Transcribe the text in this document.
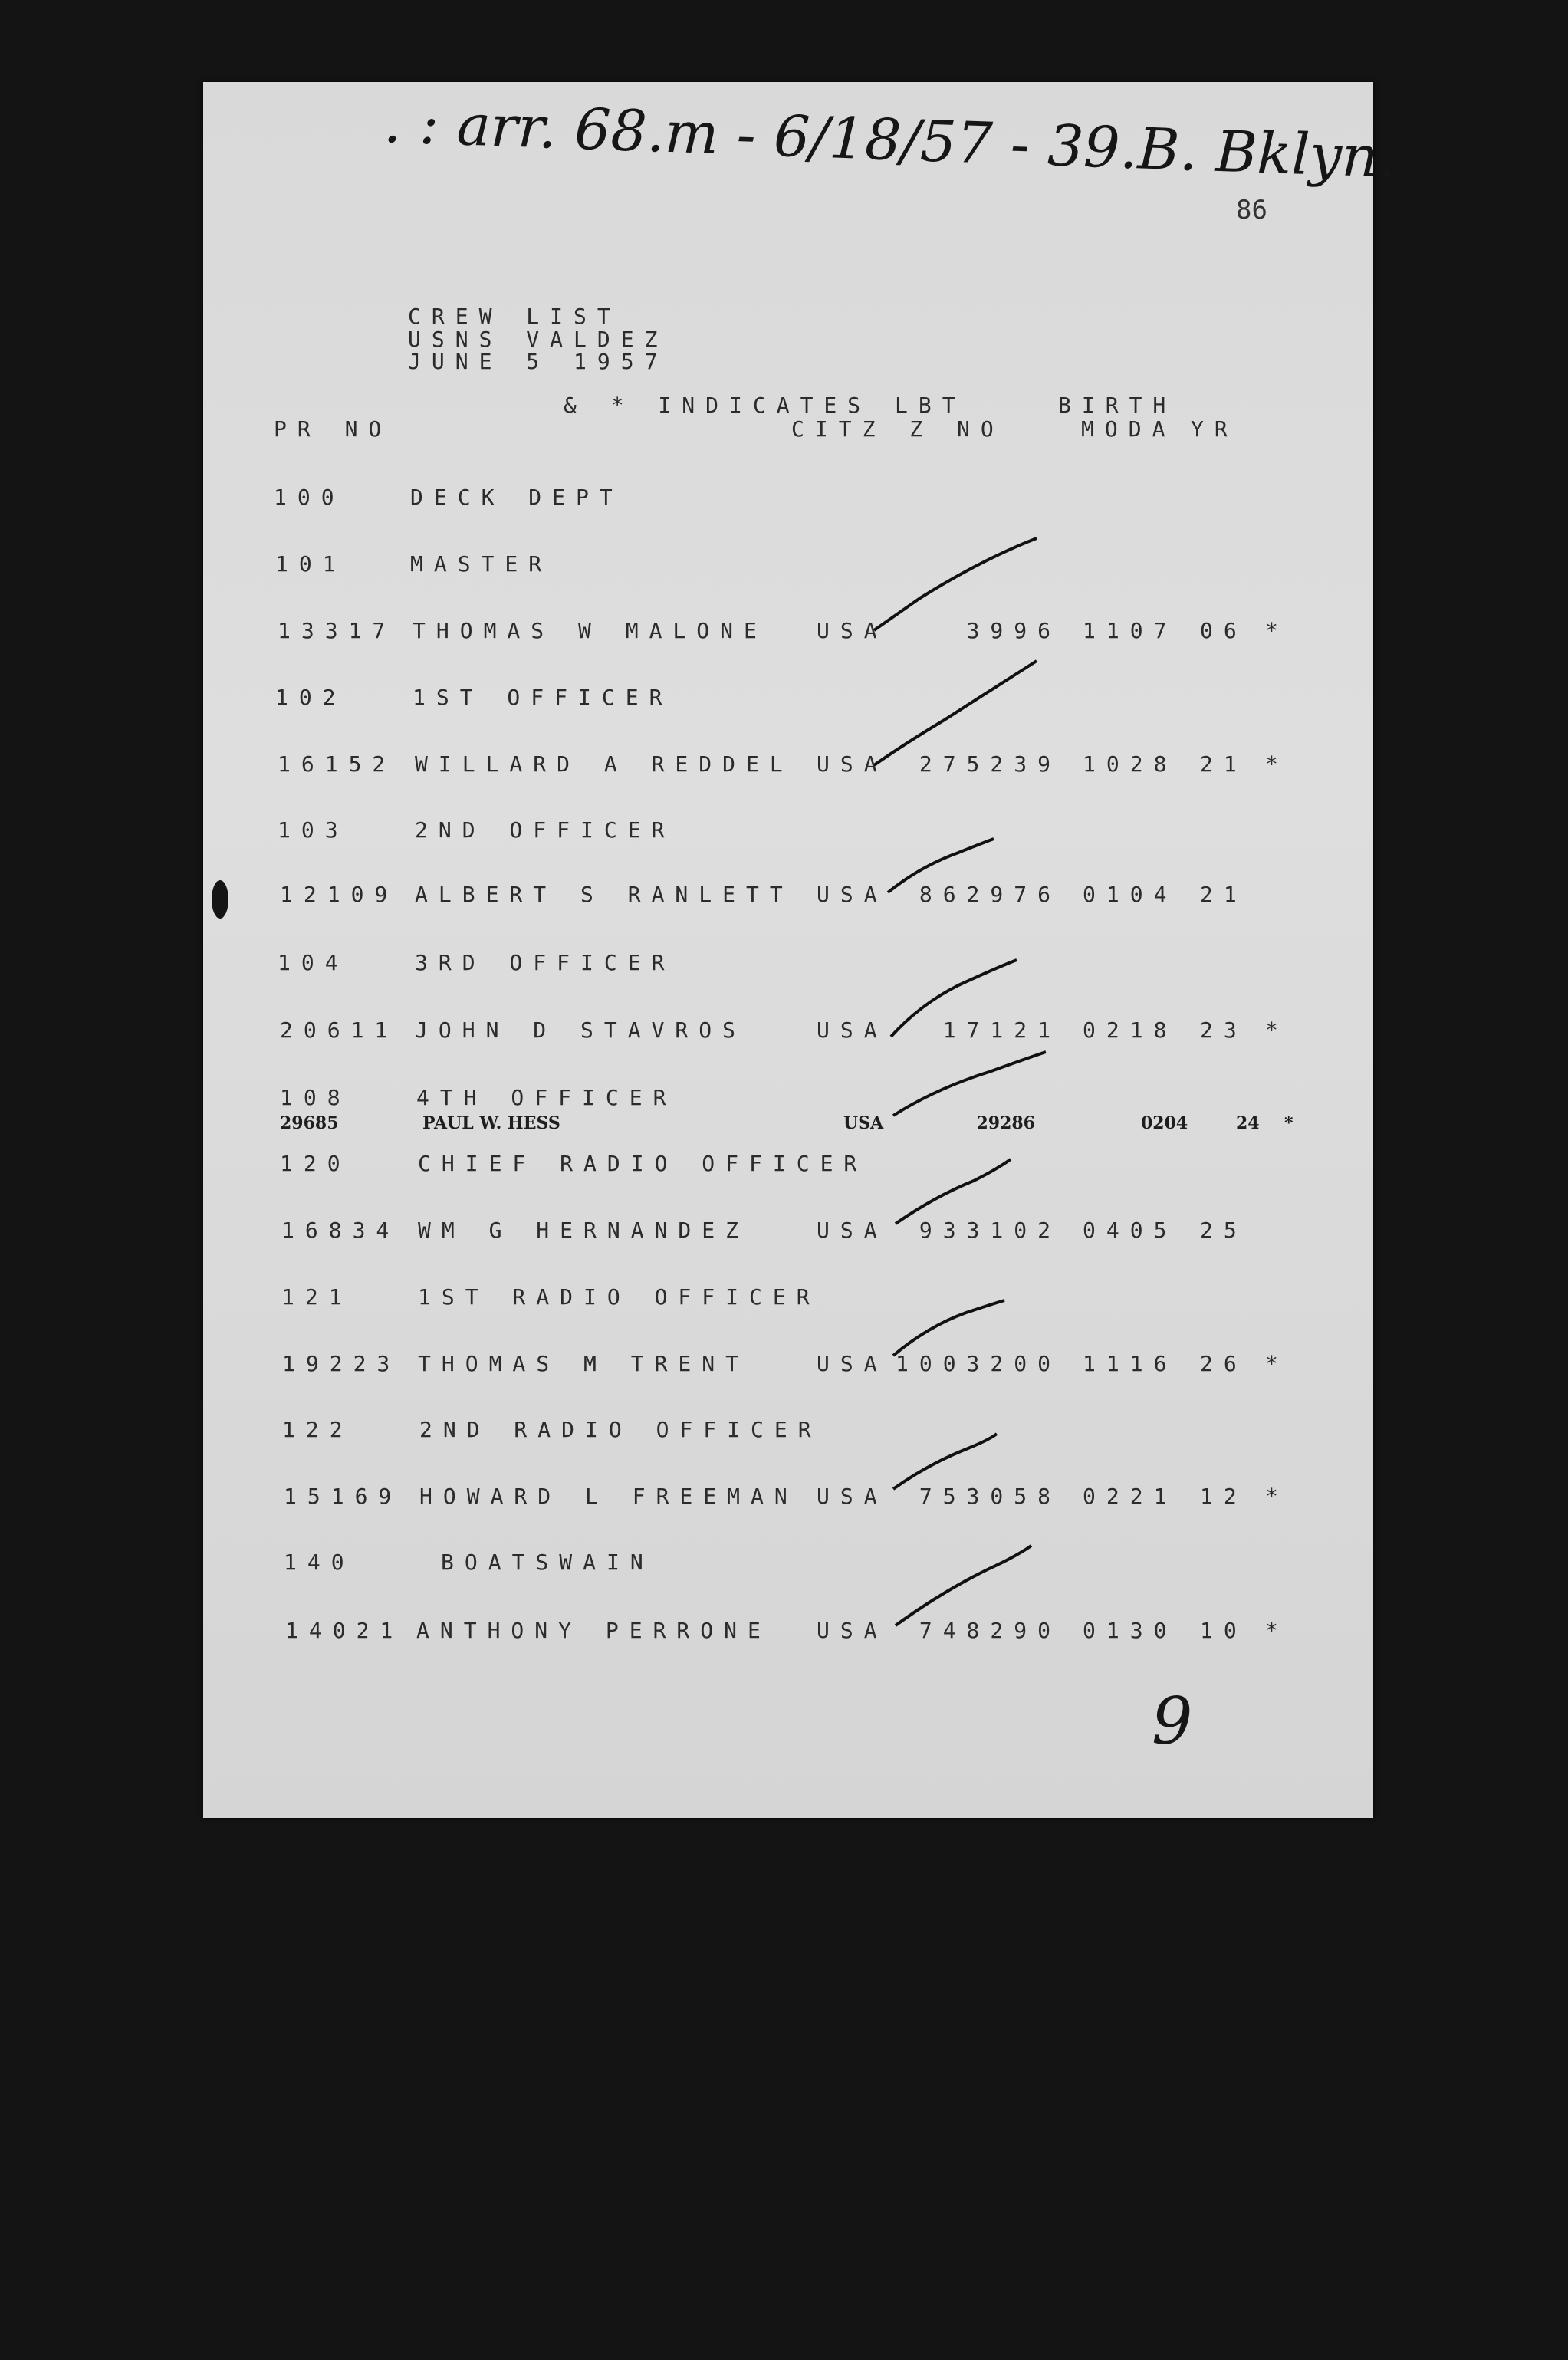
. : arr. 68.m - 6/18/57 - 39.B. Bklyn.
86
CREW LIST
USNS VALDEZ
JUNE 5 1957
& * INDICATES LBT	BIRTH
PR NO	CITZ Z NO	MODA YR
100	DECK DEPT
101	MASTER
13317 THOMAS W MALONE USA	3996 1107 06 *
102	1ST OFFICER
16152 WILLARD A REDDEL USA 275239 1028 21 *
103	2ND OFFICER
12109 ALBERT S RANLETT USA 862976 0104 21
104	3RD OFFICER
20611 JOHN D STAVROS	USA	17121 0218 23 *
108	4TH OFFICER
29685	PAUL W. HESS	USA	29286	0204	24 *
120	CHIEF RADIO OFFICER
16834 WM G HERNANDEZ	USA 933102 0405 25
121	1ST RADIO OFFICER
19223 THOMAS M TRENT	USA 1003200 1116 26 *
122	2ND RADIO OFFICER
15169 HOWARD L FREEMAN USA 753058 0221 12 *
140	BOATSWAIN
14021 ANTHONY PERRONE USA 748290 0130 10 *
9
